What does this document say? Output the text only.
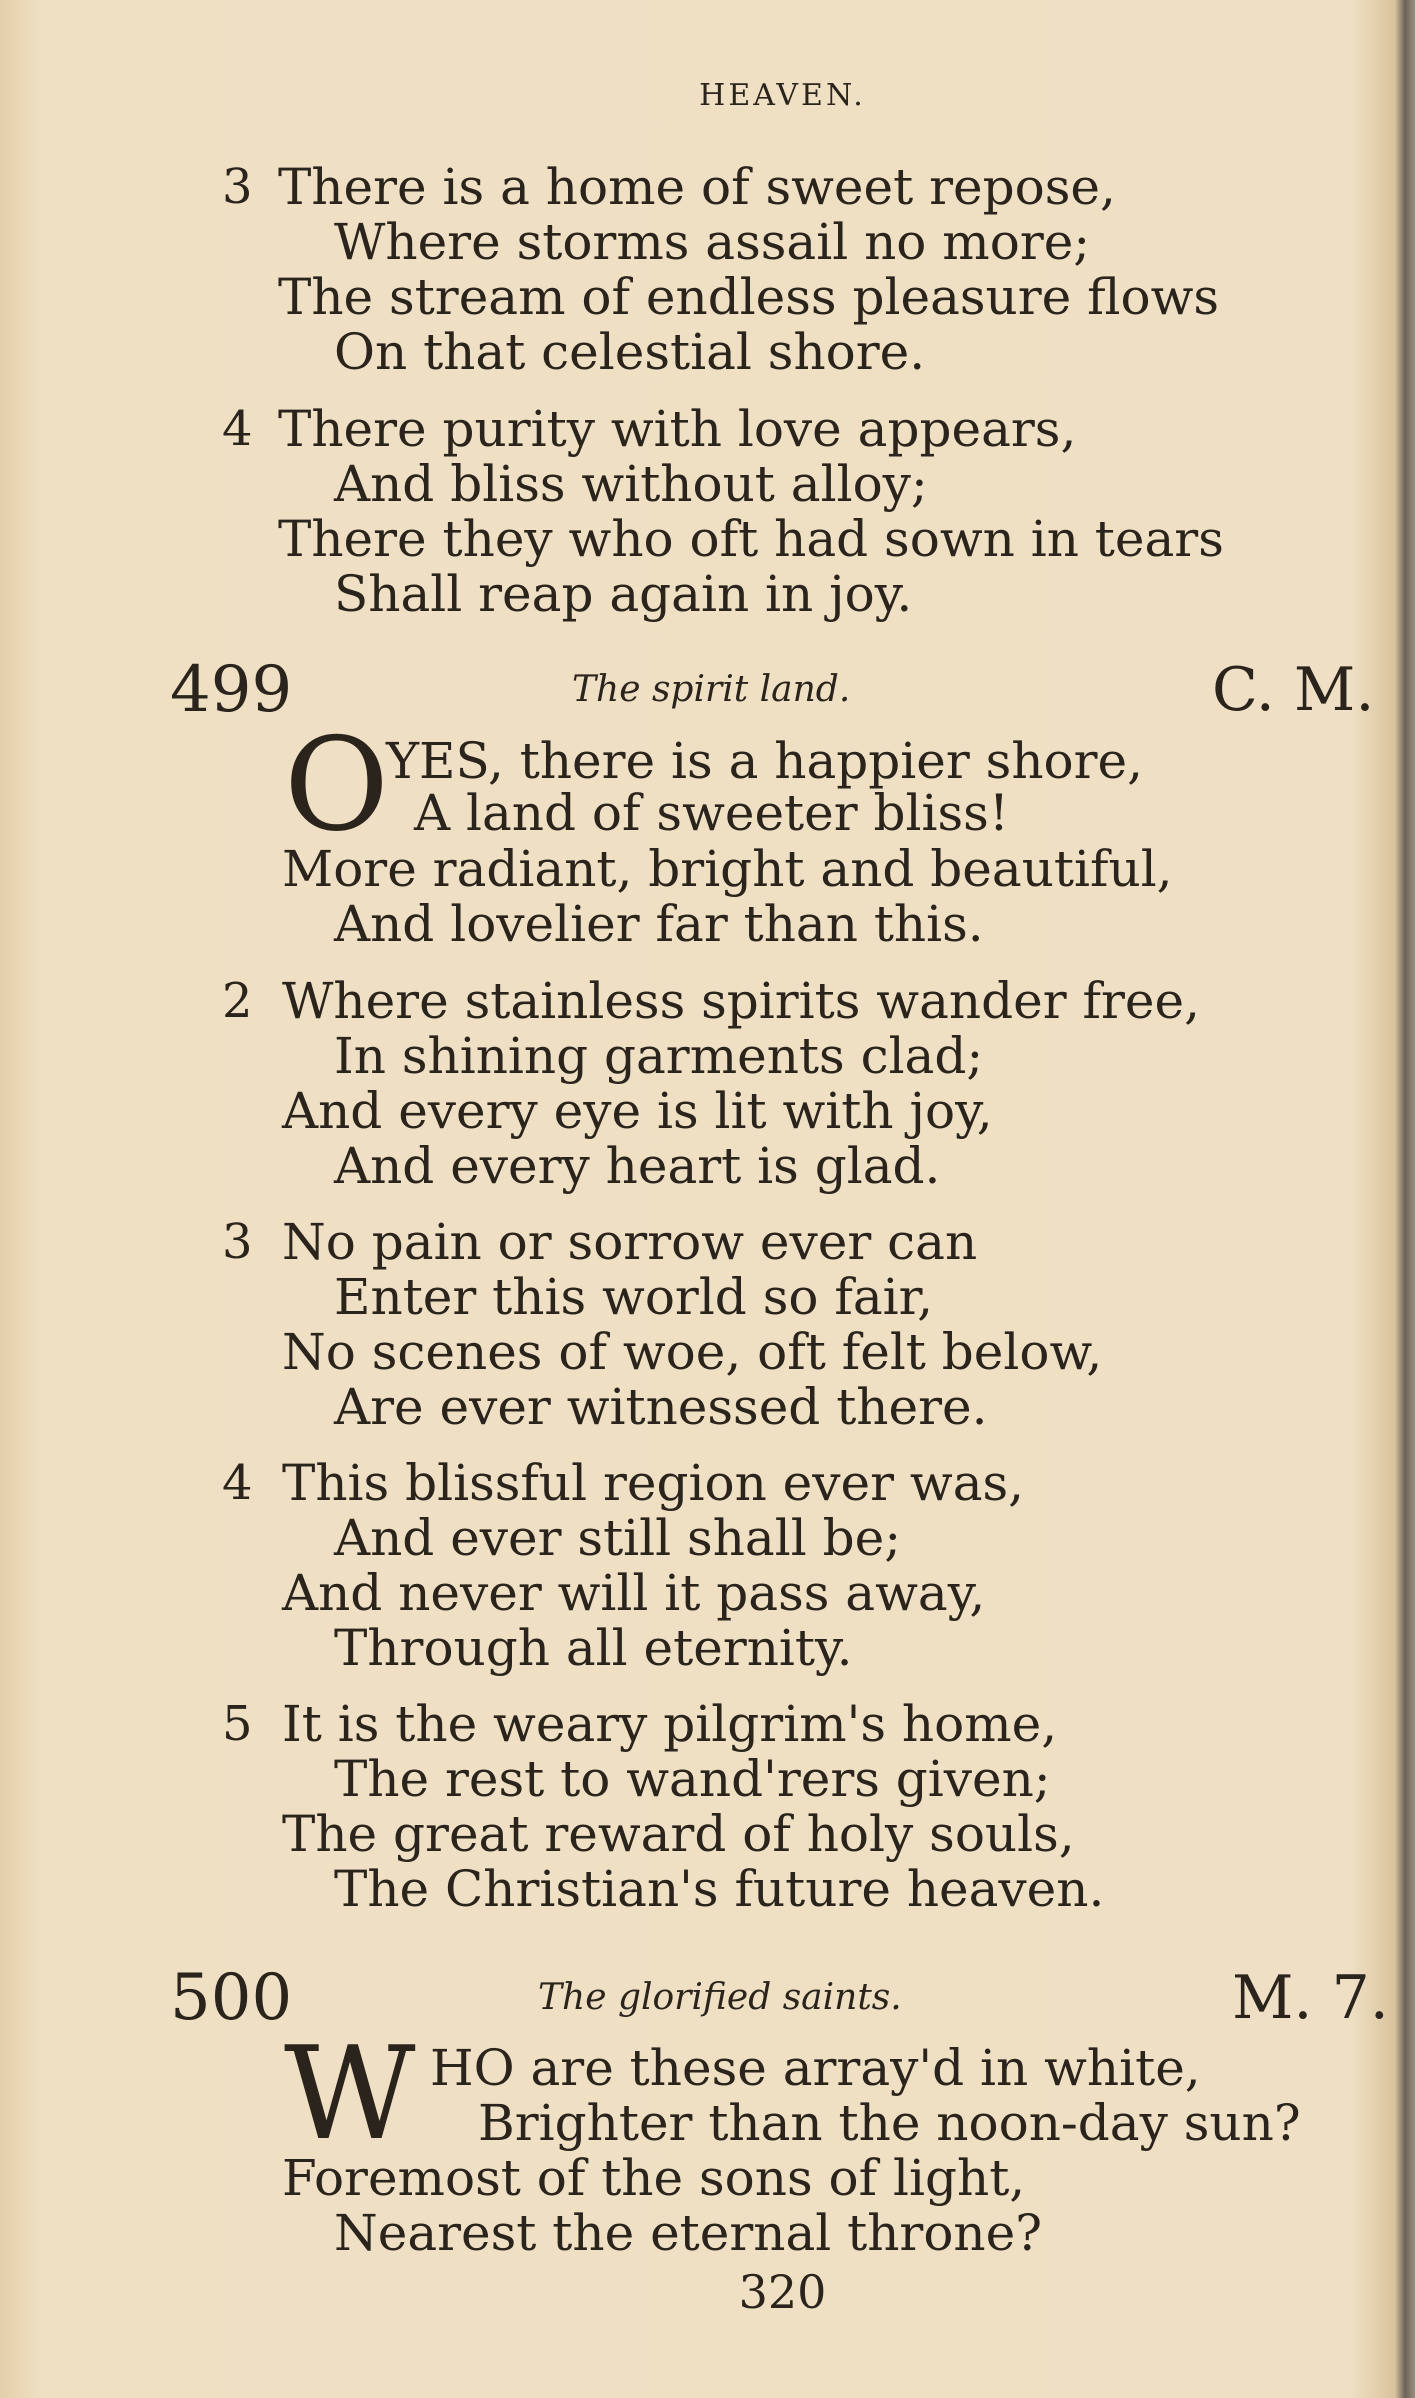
HEAVEN.
3 There is a home of sweet repose,
Where storms assail no more;
The stream of endless pleasure flows
On that celestial shore.
4 There purity with love appears,
And bliss without alloy;
There they who oft had sown in tears
Shall reap again in joy.
499	The spirit land.	C. M.
O
YES, there is a happier shore,
A land of sweeter bliss!
More radiant, bright and beautiful,
And lovelier far than this.
2 Where stainless spirits wander free,
In shining garments clad;
And every eye is lit with joy,
And every heart is glad.
3 No pain or sorrow ever can
Enter this world so fair,
No scenes of woe, oft felt below,
Are ever witnessed there.
4 This blissful region ever was,
And ever still shall be;
And never will it pass away,
Through all eternity.
5 It is the weary pilgrim's home,
The rest to wand'rers given;
The great reward of holy souls,
The Christian's future heaven.
500	The glorified saints.	M. 7.
W HO are these array'd in white,
Brighter than the noon-day sun?
Foremost of the sons of light,
Nearest the eternal throne?
320
